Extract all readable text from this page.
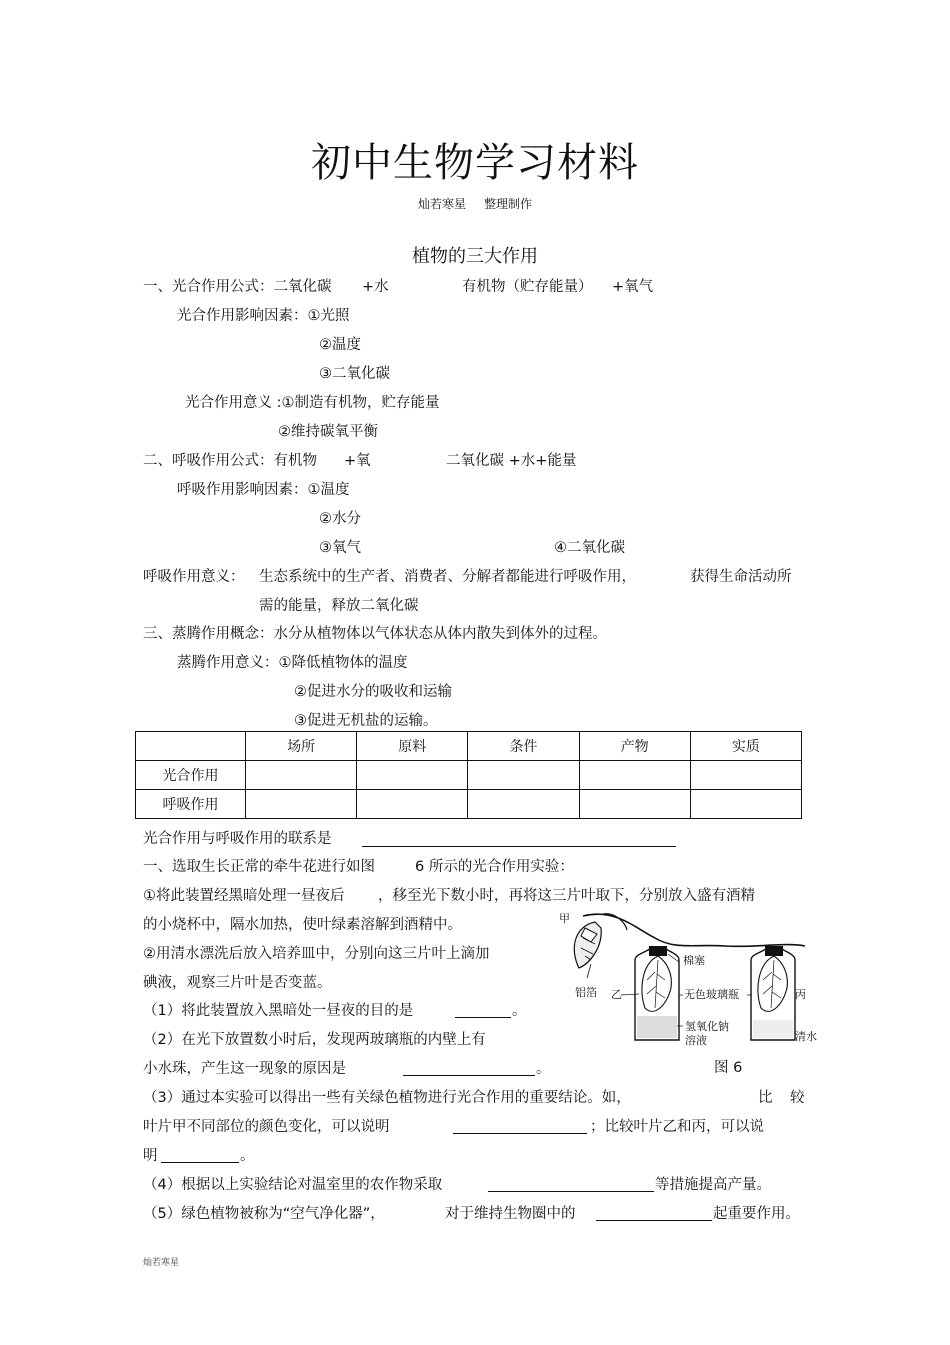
初中生物学习材料
灿若寒星 整理制作
植物的三大作用
一、光合作用公式：二氧化碳 +水	有机物（贮存能量） +氧气
光合作用影响因素：①光照
②温度
③二氧化碳
光合作用意义 :①制造有机物，贮存能量
②维持碳氧平衡
二、呼吸作用公式：有机物 +氧	二氧化碳 +水+能量
呼吸作用影响因素：①温度
②水分
③氧气	④二氧化碳
呼吸作用意义： 生态系统中的生产者、消费者、分解者都能进行呼吸作用，	获得生命活动所
需的能量，释放二氧化碳
三、蒸腾作用概念：水分从植物体以气体状态从体内散失到体外的过程。
蒸腾作用意义：①降低植物体的温度
②促进水分的吸收和运输
③促进无机盐的运输。
	场所	原料	条件	产物	实质
光合作用					
呼吸作用					
光合作用与呼吸作用的联系是
一、选取生长正常的牵牛花进行如图	6 所示的光合作用实验：
①将此装置经黑暗处理一昼夜后 ，移至光下数小时，再将这三片叶取下，分别放入盛有酒精
的小烧杯中，隔水加热，使叶绿素溶解到酒精中。
②用清水漂洗后放入培养皿中，分别向这三片叶上滴加
碘液，观察三片叶是否变蓝。
（1）将此装置放入黑暗处一昼夜的目的是	。
（2）在光下放置数小时后，发现两玻璃瓶的内壁上有
小水珠，产生这一现象的原因是	。
（3）通过本实验可以得出一些有关绿色植物进行光合作用的重要结论。如，	比 较
叶片甲不同部位的颜色变化，可以说明	；比较叶片乙和丙，可以说
明	。
（4）根据以上实验结论对温室里的农作物采取	等措施提高产量。
（5）绿色植物被称为“空气净化器”，	对于维持生物圈中的	起重要作用。
甲
铝箔
棉塞
乙	无色玻璃瓶	丙
氢氧化钠
溶液	清水
图 6
灿若寒星
